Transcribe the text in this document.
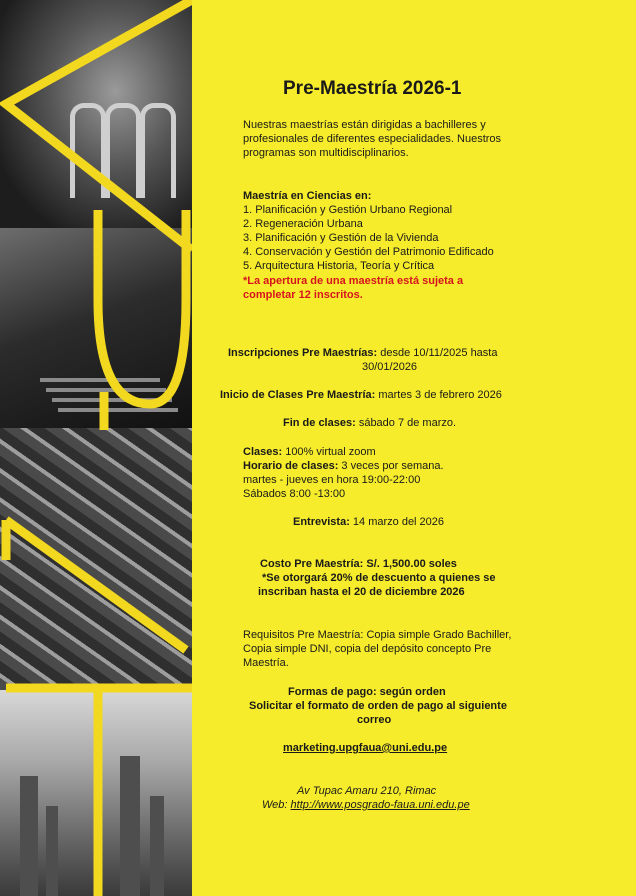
Pre-Maestría 2026-1
Nuestras maestrías están dirigidas a bachilleres y
profesionales de diferentes especialidades. Nuestros
programas son multidisciplinarios.
Maestría en Ciencias en:
1. Planificación y Gestión Urbano Regional
2. Regeneración Urbana
3. Planificación y Gestión de la Vivienda
4. Conservación y Gestión del Patrimonio Edificado
5. Arquitectura Historia, Teoría y Crítica
*La apertura de una maestría está sujeta a
completar 12 inscritos.
Inscripciones Pre Maestrías: desde 10/11/2025 hasta
30/01/2026
Inicio de Clases Pre Maestría: martes 3 de febrero 2026
Fin de clases: sábado 7 de marzo.
Clases: 100% virtual zoom
Horario de clases: 3 veces por semana.
martes - jueves en hora 19:00-22:00
Sábados 8:00 -13:00
Entrevista: 14 marzo del 2026
Costo Pre Maestría: S/. 1,500.00 soles
*Se otorgará 20% de descuento a quienes se
inscriban hasta el 20 de diciembre 2026
Requisitos Pre Maestría: Copia simple Grado Bachiller,
Copia simple DNI, copia del depósito concepto Pre
Maestría.
Formas de pago: según orden
Solicitar el formato de orden de pago al siguiente
correo
marketing.upgfaua@uni.edu.pe
Av Tupac Amaru 210, Rimac
Web: http://www.posgrado-faua.uni.edu.pe
